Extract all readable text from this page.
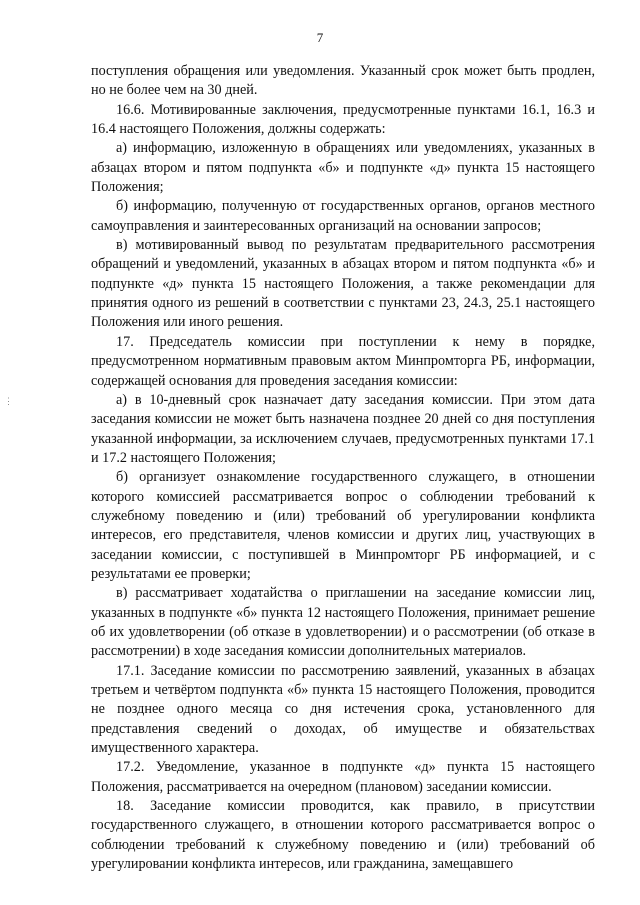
7
⋮

поступления обращения или уведомления. Указанный срок может быть продлен, но не более чем на 30 дней.

16.6. Мотивированные заключения, предусмотренные пунктами 16.1, 16.3 и 16.4 настоящего Положения, должны содержать:

а) информацию, изложенную в обращениях или уведомлениях, указанных в абзацах втором и пятом подпункта «б» и подпункте «д» пункта 15 настоящего Положения;

б) информацию, полученную от государственных органов, органов местного самоуправления и заинтересованных организаций на основании запросов;

в) мотивированный вывод по результатам предварительного рассмотрения обращений и уведомлений, указанных в абзацах втором и пятом подпункта «б» и подпункте «д» пункта 15 настоящего Положения, а также рекомендации для принятия одного из решений в соответствии с пунктами 23, 24.3, 25.1 настоящего Положения или иного решения.

17. Председатель комиссии при поступлении к нему в порядке, предусмотренном нормативным правовым актом Минпромторга РБ, информации, содержащей основания для проведения заседания комиссии:

а) в 10-дневный срок назначает дату заседания комиссии. При этом дата заседания комиссии не может быть назначена позднее 20 дней со дня поступления указанной информации, за исключением случаев, предусмотренных пунктами 17.1 и 17.2 настоящего Положения;

б) организует ознакомление государственного служащего, в отношении которого комиссией рассматривается вопрос о соблюдении требований к служебному поведению и (или) требований об урегулировании конфликта интересов, его представителя, членов комиссии и других лиц, участвующих в заседании комиссии, с поступившей в Минпромторг РБ информацией, и с результатами ее проверки;

в) рассматривает ходатайства о приглашении на заседание комиссии лиц, указанных в подпункте «б» пункта 12 настоящего Положения, принимает решение об их удовлетворении (об отказе в удовлетворении) и о рассмотрении (об отказе в рассмотрении) в ходе заседания комиссии дополнительных материалов.

17.1. Заседание комиссии по рассмотрению заявлений, указанных в абзацах третьем и четвёртом подпункта «б» пункта 15 настоящего Положения, проводится не позднее одного месяца со дня истечения срока, установленного для представления сведений о доходах, об имуществе и обязательствах имущественного характера.

17.2. Уведомление, указанное в подпункте «д» пункта 15 настоящего Положения, рассматривается на очередном (плановом) заседании комиссии.

18. Заседание комиссии проводится, как правило, в присутствии государственного служащего, в отношении которого рассматривается вопрос о соблюдении требований к служебному поведению и (или) требований об урегулировании конфликта интересов, или гражданина, замещавшего
